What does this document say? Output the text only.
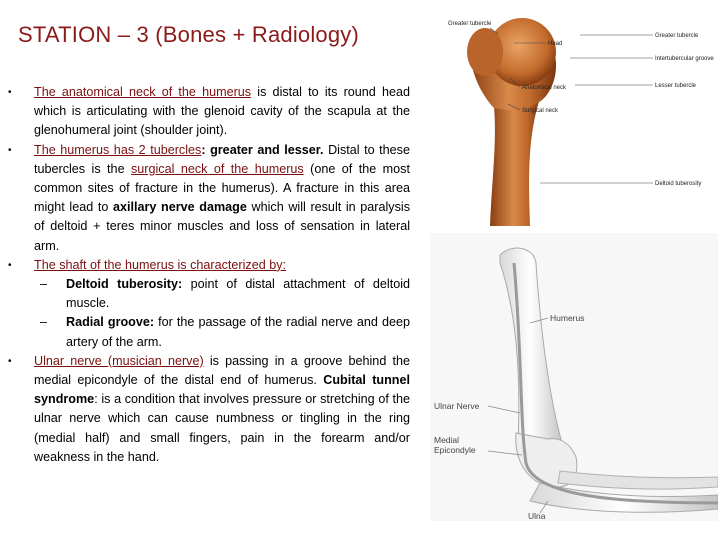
STATION – 3 (Bones + Radiology)
•	The anatomical neck of the humerus is distal to its round head which is articulating with the glenoid cavity of the scapula at the glenohumeral joint (shoulder joint).
•	The humerus has 2 tubercles: greater and lesser. Distal to these tubercles is the surgical neck of the humerus (one of the most common sites of fracture in the humerus). A fracture in this area might lead to axillary nerve damage which will result in paralysis of deltoid + teres minor muscles and loss of sensation in lateral arm.
•	The shaft of the humerus is characterized by:
–	Deltoid tuberosity: point of distal attachment of deltoid muscle.
–	Radial groove: for the passage of the radial nerve and deep artery of the arm.
•	Ulnar nerve (musician nerve) is passing in a groove behind the medial epicondyle of the distal end of humerus. Cubital tunnel syndrome: is a condition that involves pressure or stretching of the ulnar nerve which can cause numbness or tingling in the ring (medial half) and small fingers, pain in the forearm and/or weakness in the hand.
Greater tubercle
Head
Greater tubercle
Intertubercular groove
Lesser tubercle
Anatomical neck
Surgical neck
Deltoid tuberosity
Humerus
Ulnar Nerve
Medial
Epicondyle
Ulna
